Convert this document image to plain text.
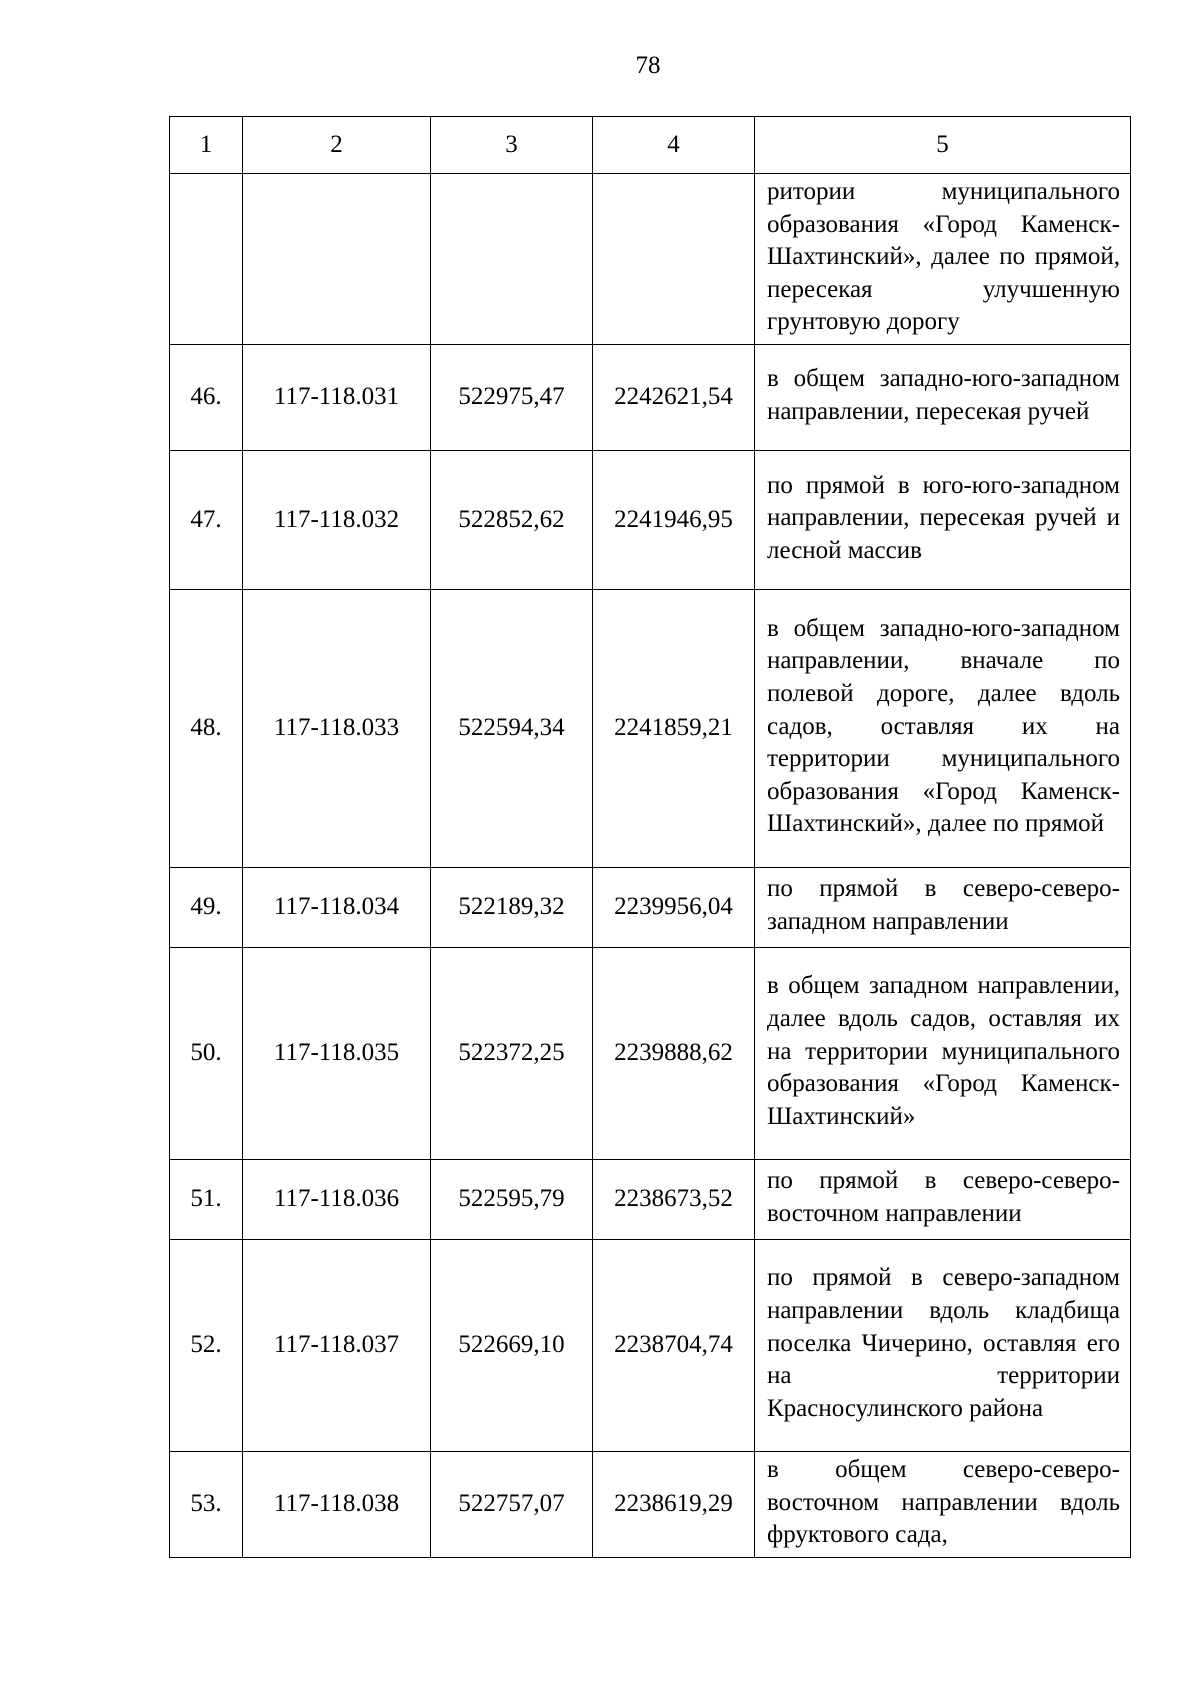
78
1	2	3	4	5
				ритории муниципального образования «Город Каменск-Шахтинский», далее по прямой, пересекая улучшенную грунтовую дорогу
46.	117-118.031	522975,47	2242621,54	в общем западно-юго-западном направлении, пересекая ручей
47.	117-118.032	522852,62	2241946,95	по прямой в юго-юго-западном направлении, пересекая ручей и лесной массив
48.	117-118.033	522594,34	2241859,21	в общем западно-юго-западном направлении, вначале по полевой дороге, далее вдоль садов, оставляя их на территории муниципального образования «Город Каменск-Шахтинский», далее по прямой
49.	117-118.034	522189,32	2239956,04	по прямой в северо-северо-западном направлении
50.	117-118.035	522372,25	2239888,62	в общем западном направлении, далее вдоль садов, оставляя их на территории муниципального образования «Город Каменск-Шахтинский»
51.	117-118.036	522595,79	2238673,52	по прямой в северо-северо-восточном направлении
52.	117-118.037	522669,10	2238704,74	по прямой в северо-западном направлении вдоль кладбища поселка Чичерино, оставляя его на территории Красносулинского района
53.	117-118.038	522757,07	2238619,29	в общем северо-северо-восточном направлении вдоль фруктового сада,
